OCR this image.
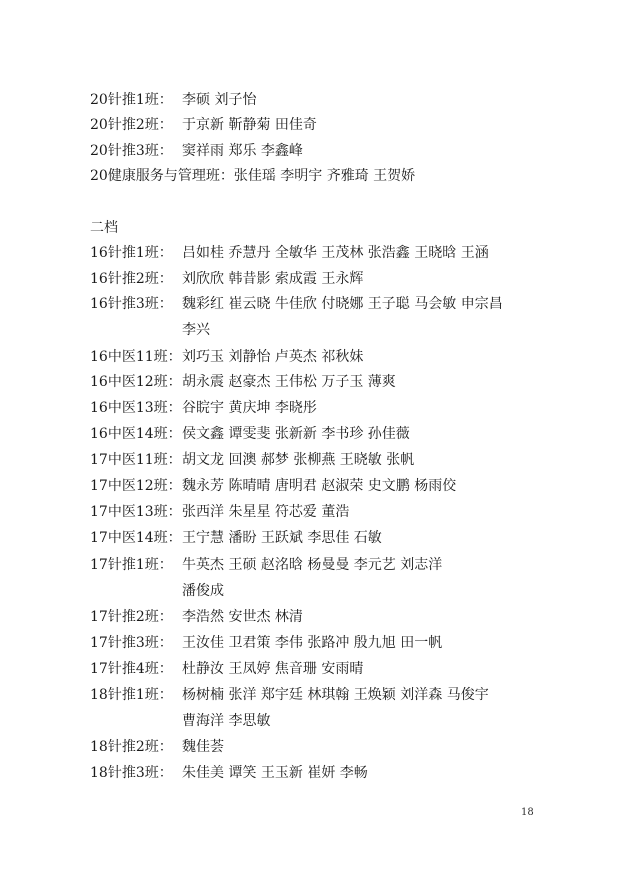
20针推1班： 李硕 刘子怡
20针推2班： 于京新 靳静菊 田佳奇
20针推3班： 窦祥雨 郑乐 李鑫峰
20健康服务与管理班： 张佳瑶 李明宇 齐雅琦 王贺娇
二档
16针推1班： 吕如桂 乔慧丹 全敏华 王茂林 张浩鑫 王晓晗 王涵
16针推2班： 刘欣欣 韩昔影 索成霞 王永辉
16针推3班： 魏彩红 崔云晓 牛佳欣 付晓娜 王子聪 马会敏 申宗昌
李兴
16中医11班： 刘巧玉 刘静怡 卢英杰 祁秋妹
16中医12班： 胡永震 赵豪杰 王伟松 万子玉 薄爽
16中医13班： 谷睆宇 黄庆坤 李晓彤
16中医14班： 侯文鑫 谭雯斐 张新新 李书珍 孙佳薇
17中医11班： 胡文龙 回澳 郝梦 张柳燕 王晓敏 张帆
17中医12班： 魏永芳 陈晴晴 唐明君 赵淑荣 史文鹏 杨雨佼
17中医13班： 张西洋 朱星星 符芯爱 董浩
17中医14班： 王宁慧 潘盼 王跃斌 李思佳 石敏
17针推1班： 牛英杰 王硕 赵洺晗 杨曼曼 李元艺 刘志洋
潘俊成
17针推2班： 李浩然 安世杰 林清
17针推3班： 王汝佳 卫君策 李伟 张路冲 殷九旭 田一帆
17针推4班： 杜静汝 王凤婷 焦音珊 安雨晴
18针推1班： 杨树楠 张洋 郑宇廷 林琪翰 王焕颖 刘洋森 马俊宇
曹海洋 李思敏
18针推2班： 魏佳荟
18针推3班： 朱佳美 谭笑 王玉新 崔妍 李畅
18
